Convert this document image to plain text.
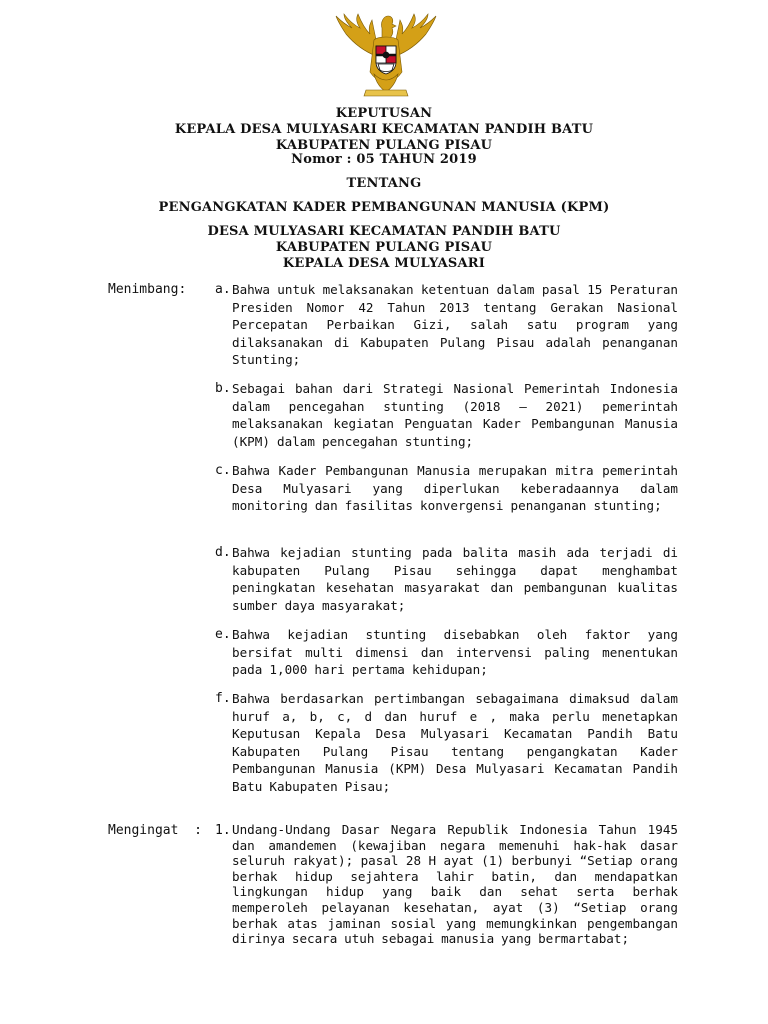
KEPUTUSAN
KEPALA DESA MULYASARI KECAMATAN PANDIH BATU
KABUPATEN PULANG PISAU
Nomor : 05 TAHUN 2019
TENTANG
PENGANGKATAN KADER PEMBANGUNAN MANUSIA (KPM)
DESA MULYASARI KECAMATAN PANDIH BATU
KABUPATEN PULANG PISAU
KEPALA DESA MULYASARI
Menimbang: a. Bahwa untuk melaksanakan ketentuan dalam pasal 15 Peraturan Presiden Nomor 42 Tahun 2013 tentang Gerakan Nasional Percepatan Perbaikan Gizi, salah satu program yang dilaksanakan di Kabupaten Pulang Pisau adalah penanganan Stunting;
b. Sebagai bahan dari Strategi Nasional Pemerintah Indonesia dalam pencegahan stunting (2018 – 2021) pemerintah melaksanakan kegiatan Penguatan Kader Pembangunan Manusia (KPM) dalam pencegahan stunting;
c. Bahwa Kader Pembangunan Manusia merupakan mitra pemerintah Desa Mulyasari yang diperlukan keberadaannya dalam monitoring dan fasilitas konvergensi penanganan stunting;
d. Bahwa kejadian stunting pada balita masih ada terjadi di kabupaten Pulang Pisau sehingga dapat menghambat peningkatan kesehatan masyarakat dan pembangunan kualitas sumber daya masyarakat;
e. Bahwa kejadian stunting disebabkan oleh faktor yang bersifat multi dimensi dan intervensi paling menentukan pada 1,000 hari pertama kehidupan;
f. Bahwa berdasarkan pertimbangan sebagaimana dimaksud dalam huruf a, b, c, d dan huruf e , maka perlu menetapkan Keputusan Kepala Desa Mulyasari Kecamatan Pandih Batu Kabupaten Pulang Pisau tentang pengangkatan Kader Pembangunan Manusia (KPM) Desa Mulyasari Kecamatan Pandih Batu Kabupaten Pisau;
Mengingat  : 1. Undang-Undang Dasar Negara Republik Indonesia Tahun 1945 dan amandemen (kewajiban negara memenuhi hak-hak dasar seluruh rakyat); pasal 28 H ayat (1) berbunyi “Setiap orang berhak hidup sejahtera lahir batin, dan mendapatkan lingkungan hidup yang baik dan sehat serta berhak memperoleh pelayanan kesehatan, ayat (3) “Setiap orang berhak atas jaminan sosial yang memungkinkan pengembangan dirinya secara utuh sebagai manusia yang bermartabat;
